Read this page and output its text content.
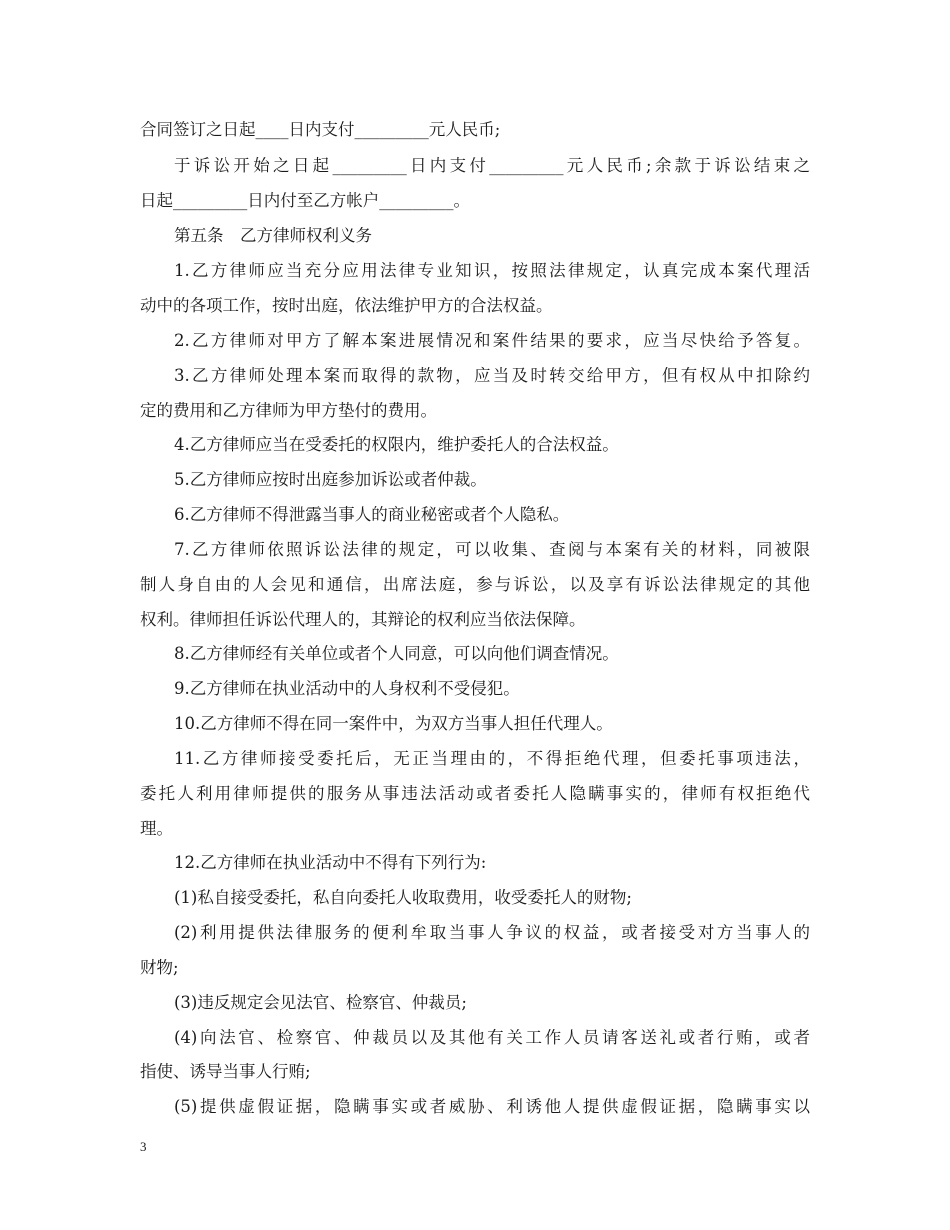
合同签订之日起____日内支付_________元人民币;
于诉讼开始之日起_________日内支付_________元人民币;余款于诉讼结束之
日起_________日内付至乙方帐户_________。
第五条　乙方律师权利义务
1.乙方律师应当充分应用法律专业知识，按照法律规定，认真完成本案代理活
动中的各项工作，按时出庭，依法维护甲方的合法权益。
2.乙方律师对甲方了解本案进展情况和案件结果的要求，应当尽快给予答复。
3.乙方律师处理本案而取得的款物，应当及时转交给甲方，但有权从中扣除约
定的费用和乙方律师为甲方垫付的费用。
4.乙方律师应当在受委托的权限内，维护委托人的合法权益。
5.乙方律师应按时出庭参加诉讼或者仲裁。
6.乙方律师不得泄露当事人的商业秘密或者个人隐私。
7.乙方律师依照诉讼法律的规定，可以收集、查阅与本案有关的材料，同被限
制人身自由的人会见和通信，出席法庭，参与诉讼，以及享有诉讼法律规定的其他
权利。律师担任诉讼代理人的，其辩论的权利应当依法保障。
8.乙方律师经有关单位或者个人同意，可以向他们调查情况。
9.乙方律师在执业活动中的人身权利不受侵犯。
10.乙方律师不得在同一案件中，为双方当事人担任代理人。
11.乙方律师接受委托后，无正当理由的，不得拒绝代理，但委托事项违法，
委托人利用律师提供的服务从事违法活动或者委托人隐瞒事实的，律师有权拒绝代
理。
12.乙方律师在执业活动中不得有下列行为:
(1)私自接受委托，私自向委托人收取费用，收受委托人的财物;
(2)利用提供法律服务的便利牟取当事人争议的权益，或者接受对方当事人的
财物;
(3)违反规定会见法官、检察官、仲裁员;
(4)向法官、检察官、仲裁员以及其他有关工作人员请客送礼或者行贿，或者
指使、诱导当事人行贿;
(5)提供虚假证据，隐瞒事实或者威胁、利诱他人提供虚假证据，隐瞒事实以
3
